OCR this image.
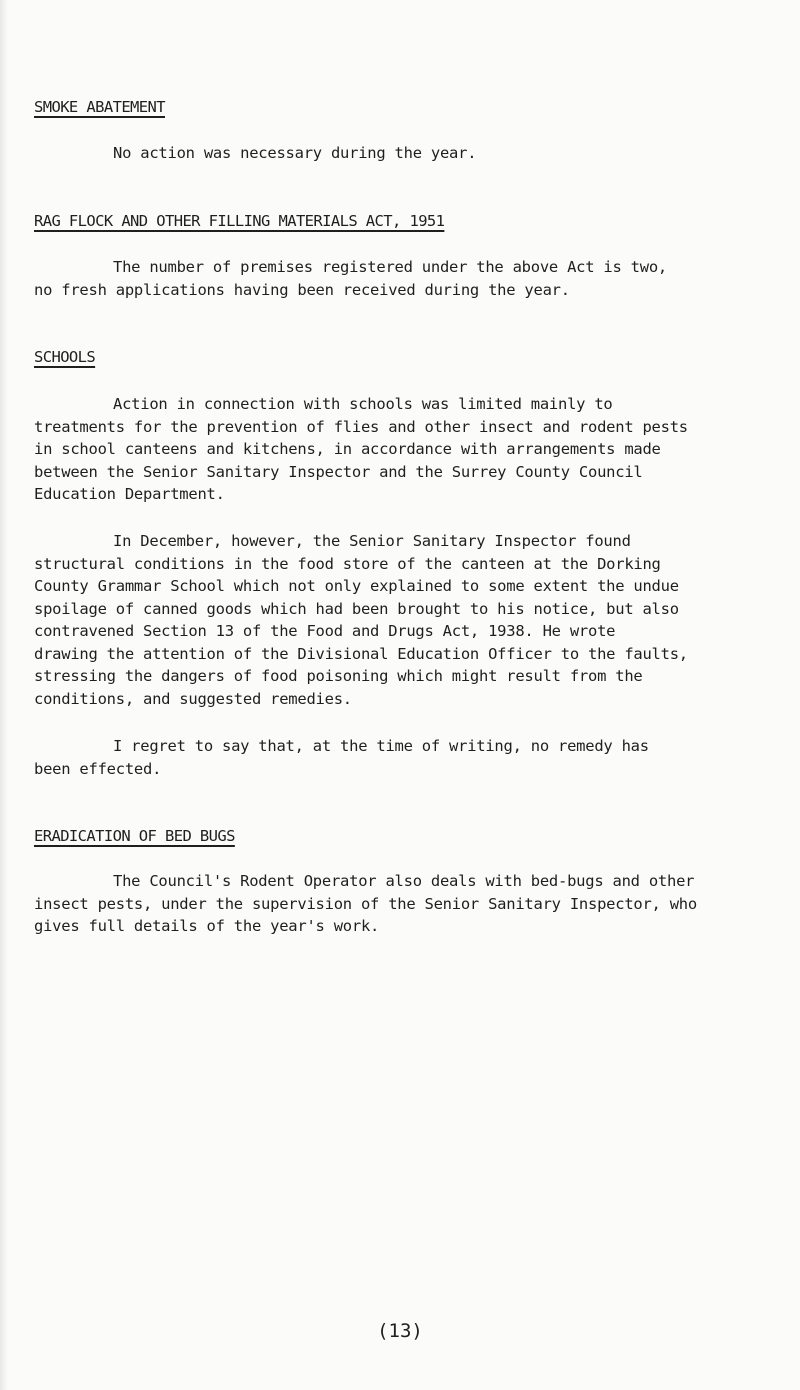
SMOKE ABATEMENT

No action was necessary during the year.

RAG FLOCK AND OTHER FILLING MATERIALS ACT, 1951

The number of premises registered under the above Act is two,
no fresh applications having been received during the year.

SCHOOLS

Action in connection with schools was limited mainly to
treatments for the prevention of flies and other insect and rodent pests
in school canteens and kitchens, in accordance with arrangements made
between the Senior Sanitary Inspector and the Surrey County Council
Education Department.

In December, however, the Senior Sanitary Inspector found
structural conditions in the food store of the canteen at the Dorking
County Grammar School which not only explained to some extent the undue
spoilage of canned goods which had been brought to his notice, but also
contravened Section 13 of the Food and Drugs Act, 1938. He wrote
drawing the attention of the Divisional Education Officer to the faults,
stressing the dangers of food poisoning which might result from the
conditions, and suggested remedies.

I regret to say that, at the time of writing, no remedy has
been effected.

ERADICATION OF BED BUGS

The Council's Rodent Operator also deals with bed-bugs and other
insect pests, under the supervision of the Senior Sanitary Inspector, who
gives full details of the year's work.

(13)
